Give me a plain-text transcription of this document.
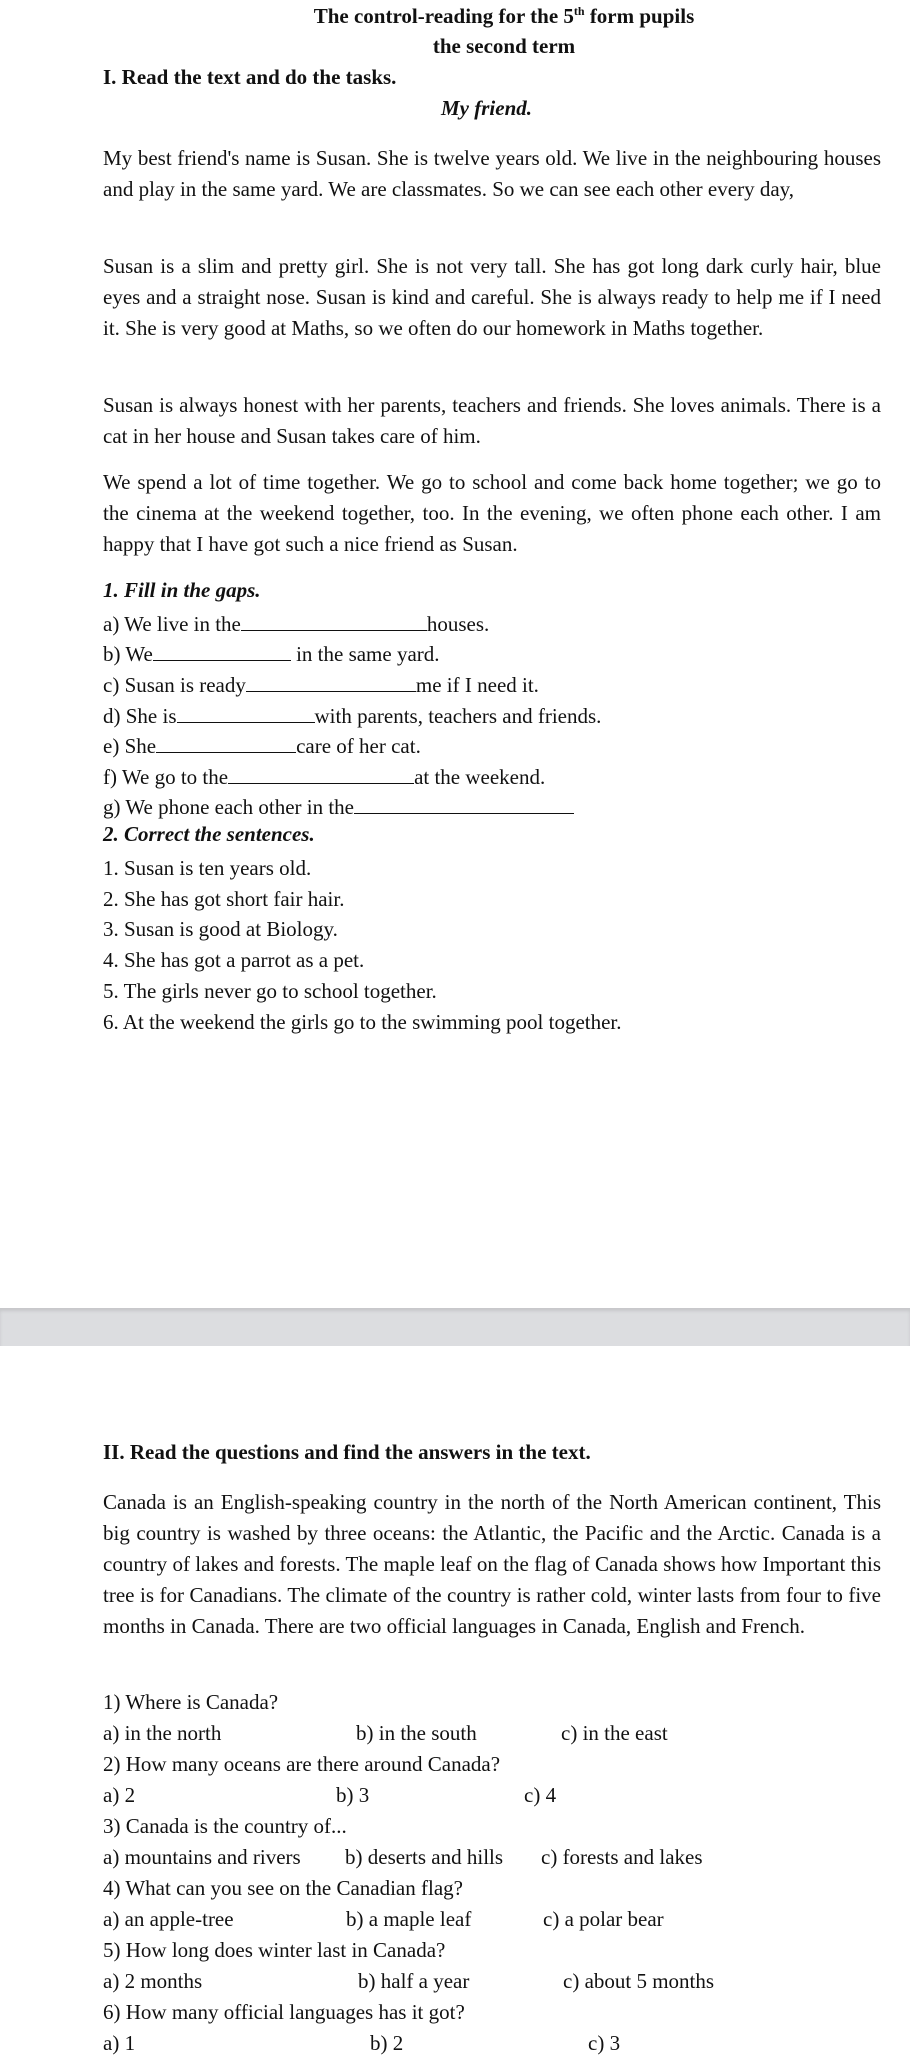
The control-reading for the 5th form pupils
the second term
I. Read the text and do the tasks.
My friend.
My best friend's name is Susan. She is twelve years old. We live in the neighbouring houses and play in the same yard. We are classmates. So we can see each other every day,
Susan is a slim and pretty girl. She is not very tall. She has got long dark curly hair, blue eyes and a straight nose. Susan is kind and careful. She is always ready to help me if I need it. She is very good at Maths, so we often do our homework in Maths together.
Susan is always honest with her parents, teachers and friends. She loves animals. There is a cat in her house and Susan takes care of him.
We spend a lot of time together. We go to school and come back home together; we go to the cinema at the weekend together, too. In the evening, we often phone each other. I am happy that I have got such a nice friend as Susan.
1. Fill in the gaps.
a) We live in the	houses.
b) We	in the same yard.
c) Susan is ready	me if I need it.
d) She is	with parents, teachers and friends.
e) She	care of her cat.
f) We go to the	at the weekend.
g) We phone each other in the
2. Correct the sentences.
1. Susan is ten years old.
2. She has got short fair hair.
3. Susan is good at Biology.
4. She has got a parrot as a pet.
5. The girls never go to school together.
6. At the weekend the girls go to the swimming pool together.
II. Read the questions and find the answers in the text.
Canada is an English-speaking country in the north of the North American continent, This big country is washed by three oceans: the Atlantic, the Pacific and the Arctic. Canada is a country of lakes and forests. The maple leaf on the flag of Canada shows how Important this tree is for Canadians. The climate of the country is rather cold, winter lasts from four to five months in Canada. There are two official languages in Canada, English and French.
1) Where is Canada?
a) in the north	b) in the south	c) in the east
2) How many oceans are there around Canada?
a) 2	b) 3	c) 4
3) Canada is the country of...
a) mountains and rivers b) deserts and hills c) forests and lakes
4) What can you see on the Canadian flag?
a) an apple-tree	b) a maple leaf	c) a polar bear
5) How long does winter last in Canada?
a) 2 months	b) half a year	c) about 5 months
6) How many official languages has it got?
a) 1	b) 2	c) 3
